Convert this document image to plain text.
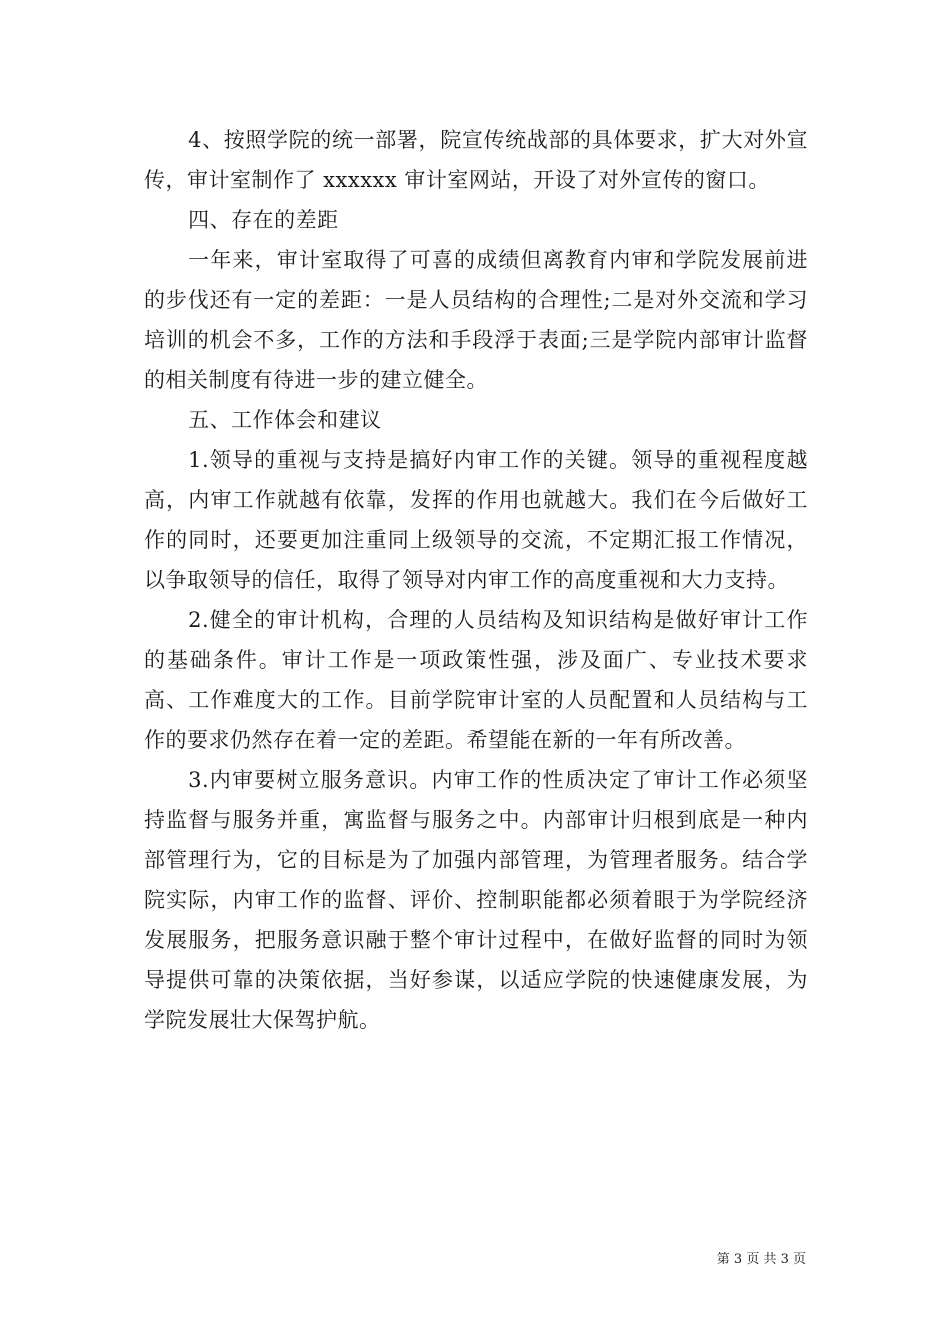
4、按照学院的统一部署，院宣传统战部的具体要求，扩大对外宣传，审计室制作了 xxxxxx 审计室网站，开设了对外宣传的窗口。

四、存在的差距

一年来，审计室取得了可喜的成绩但离教育内审和学院发展前进的步伐还有一定的差距：一是人员结构的合理性;二是对外交流和学习培训的机会不多，工作的方法和手段浮于表面;三是学院内部审计监督的相关制度有待进一步的建立健全。

五、工作体会和建议

1.领导的重视与支持是搞好内审工作的关键。领导的重视程度越高，内审工作就越有依靠，发挥的作用也就越大。我们在今后做好工作的同时，还要更加注重同上级领导的交流，不定期汇报工作情况，以争取领导的信任，取得了领导对内审工作的高度重视和大力支持。

2.健全的审计机构，合理的人员结构及知识结构是做好审计工作的基础条件。审计工作是一项政策性强，涉及面广、专业技术要求高、工作难度大的工作。目前学院审计室的人员配置和人员结构与工作的要求仍然存在着一定的差距。希望能在新的一年有所改善。

3.内审要树立服务意识。内审工作的性质决定了审计工作必须坚持监督与服务并重，寓监督与服务之中。内部审计归根到底是一种内部管理行为，它的目标是为了加强内部管理，为管理者服务。结合学院实际，内审工作的监督、评价、控制职能都必须着眼于为学院经济发展服务，把服务意识融于整个审计过程中，在做好监督的同时为领导提供可靠的决策依据，当好参谋，以适应学院的快速健康发展，为学院发展壮大保驾护航。

第 3 页 共 3 页
